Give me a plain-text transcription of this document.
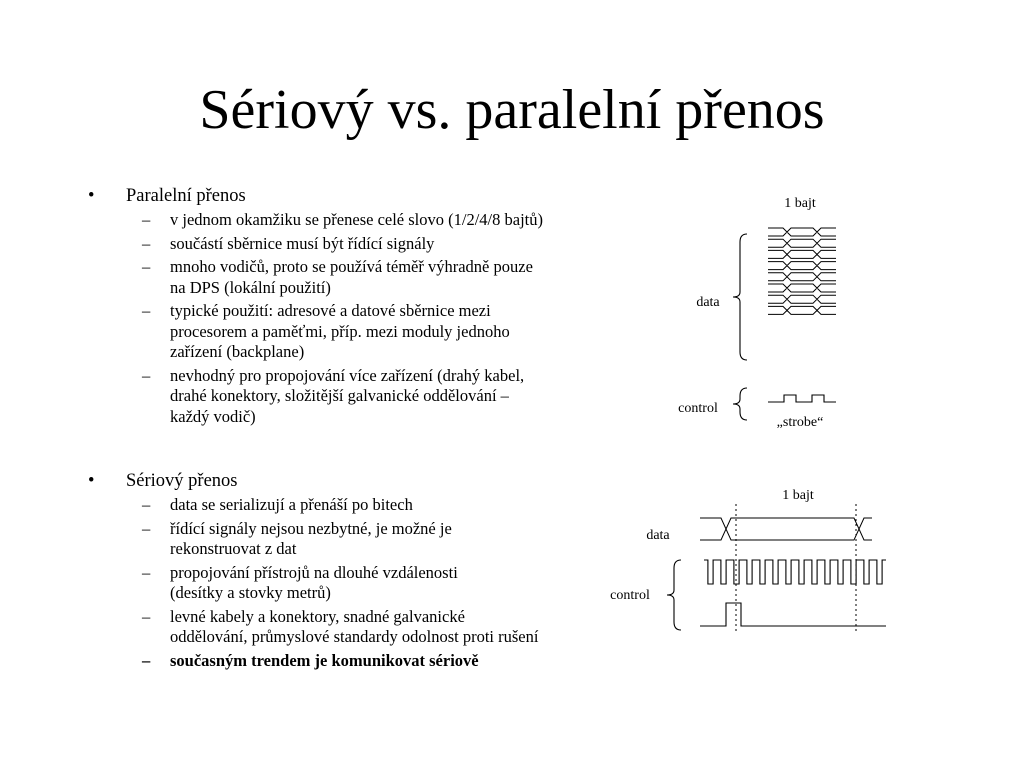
Sériový vs. paralelní přenos
• Paralelní přenos
– v jednom okamžiku se přenese celé slovo (1/2/4/8 bajtů)
– součástí sběrnice musí být řídící signály
– mnoho vodičů, proto se používá téměř výhradně pouze
na DPS (lokální použití)
– typické použití: adresové a datové sběrnice mezi
procesorem a paměťmi, příp. mezi moduly jednoho
zařízení (backplane)
– nevhodný pro propojování více zařízení (drahý kabel,
drahé konektory, složitější galvanické oddělování –
každý vodič)
• Sériový přenos
– data se serializují a přenáší po bitech
– řídící signály nejsou nezbytné, je možné je
rekonstruovat z dat
– propojování přístrojů na dlouhé vzdálenosti
(desítky a stovky metrů)
– levné kabely a konektory, snadné galvanické
oddělování, průmyslové standardy odolnost proti rušení
– současným trendem je komunikovat sériově
1 bajt
data
control
„strobe“
1 bajt
data
control
